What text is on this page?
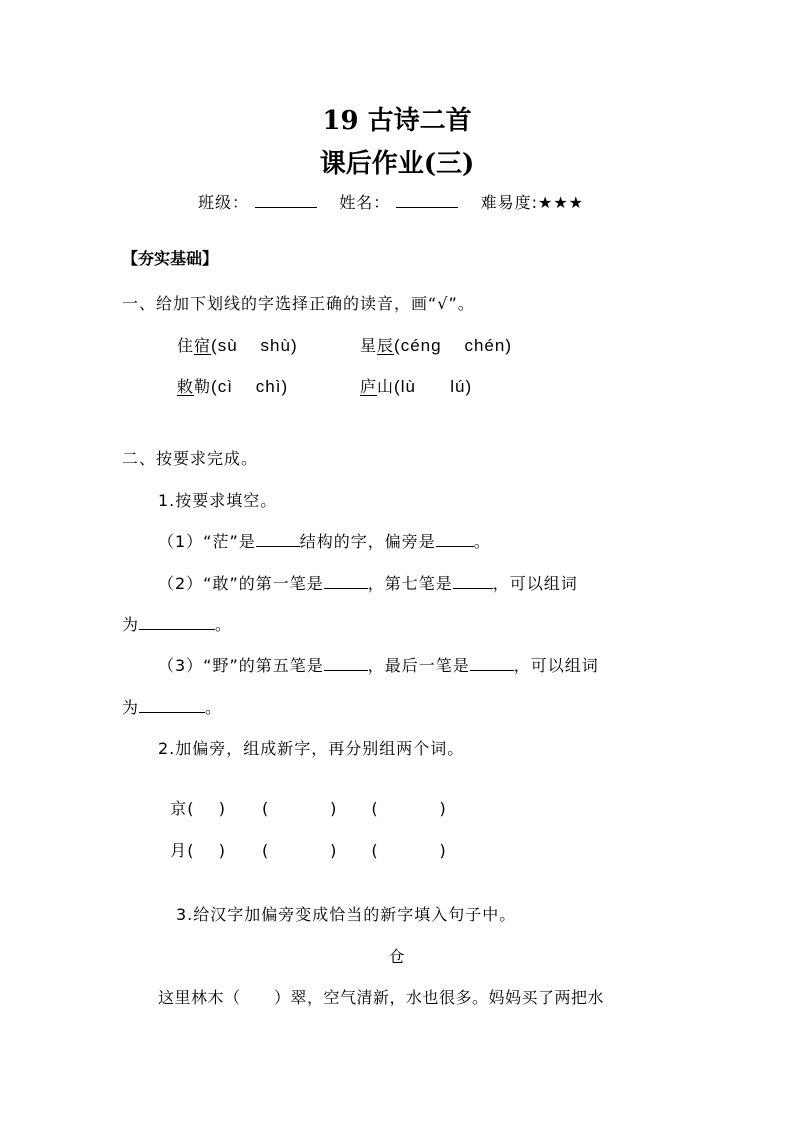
19 古诗二首
课后作业(三)
班级：	姓名：	难易度:★★★
【夯实基础】
一、给加下划线的字选择正确的读音，画“√”。
住宿(sù    shù)	星辰(céng    chén)
敕勒(cì    chì)	庐山(lù      lú)
二、按要求完成。
1.按要求填空。
（1）“茫”是	结构的字，偏旁是 。
（2）“敢”的第一笔是	，第七笔是	，可以组词
为	。
（3）“野”的第五笔是	，最后一笔是	，可以组词
为	。
2.加偏旁，组成新字，再分别组两个词。

京(    ) (          ) (          )

月(    ) (          ) (          )

3.给汉字加偏旁变成恰当的新字填入句子中。
仓
这里林木（      ）翠，空气清新，水也很多。妈妈买了两把水
